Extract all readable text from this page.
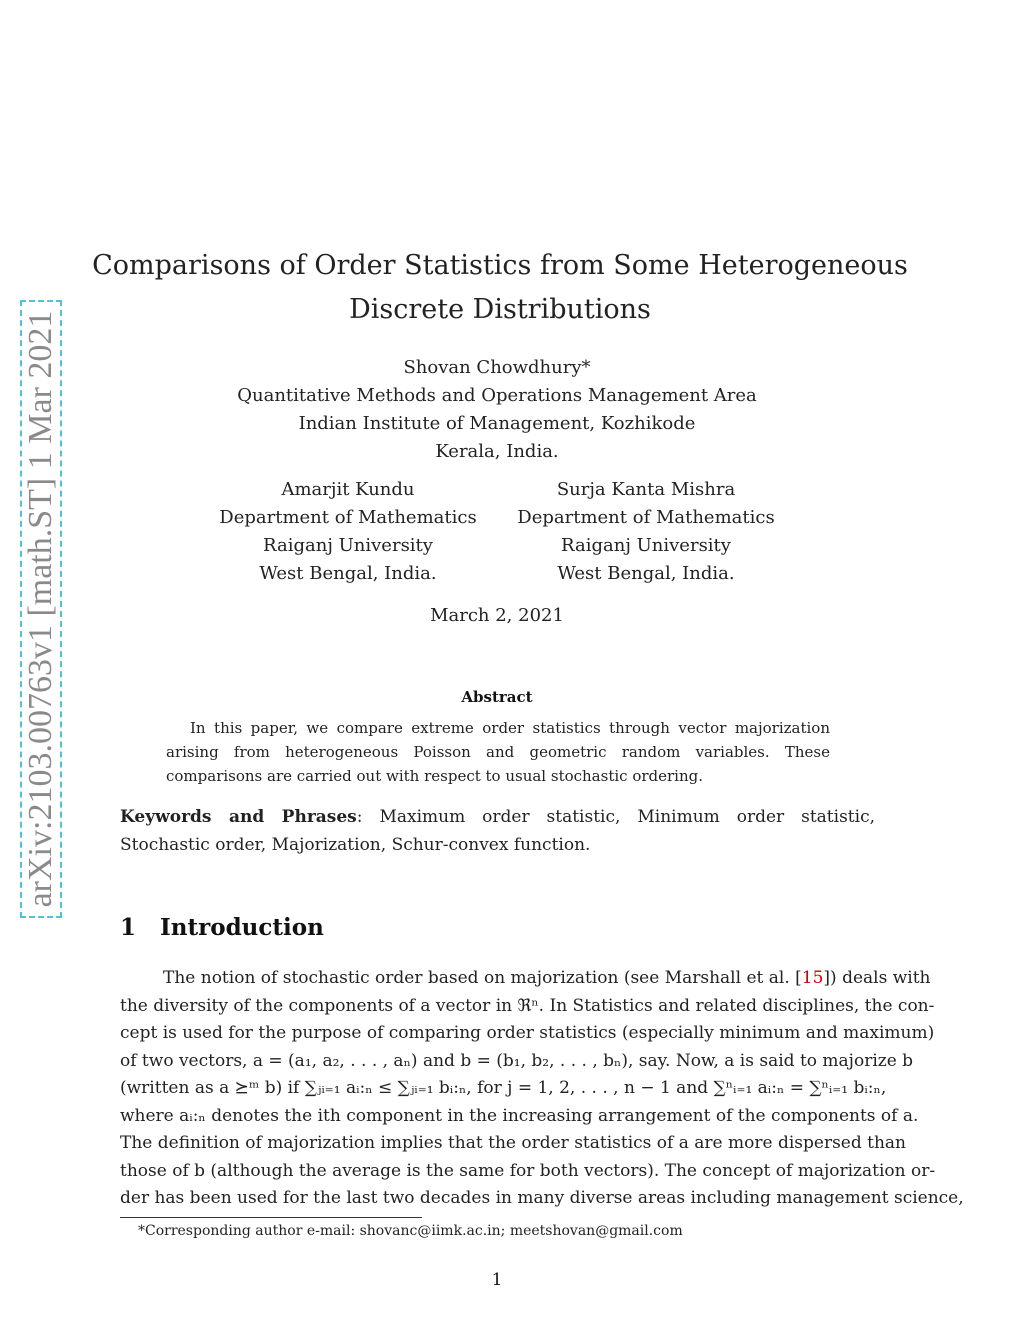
arXiv:2103.00763v1 [math.ST] 1 Mar 2021
Comparisons of Order Statistics from Some Heterogeneous
Discrete Distributions
Shovan Chowdhury*
Quantitative Methods and Operations Management Area
Indian Institute of Management, Kozhikode
Kerala, India.
Amarjit Kundu
Department of Mathematics
Raiganj University
West Bengal, India.
Surja Kanta Mishra
Department of Mathematics
Raiganj University
West Bengal, India.
March 2, 2021
Abstract
In this paper, we compare extreme order statistics through vector majorization arising from heterogeneous Poisson and geometric random variables. These comparisons are carried out with respect to usual stochastic ordering.
Keywords and Phrases: Maximum order statistic, Minimum order statistic, Stochastic order, Majorization, Schur-convex function.
1 Introduction
The notion of stochastic order based on majorization (see Marshall et al. [15]) deals with
the diversity of the components of a vector in ℜⁿ. In Statistics and related disciplines, the con-
cept is used for the purpose of comparing order statistics (especially minimum and maximum)
of two vectors, a = (a₁, a₂, . . . , aₙ) and b = (b₁, b₂, . . . , bₙ), say. Now, a is said to majorize b
(written as a ⪰ᵐ b) if ∑ⱼᵢ₌₁ aᵢ:ₙ ≤ ∑ⱼᵢ₌₁ bᵢ:ₙ, for j = 1, 2, . . . , n − 1 and ∑ⁿᵢ₌₁ aᵢ:ₙ = ∑ⁿᵢ₌₁ bᵢ:ₙ,
where aᵢ:ₙ denotes the ith component in the increasing arrangement of the components of a.
The definition of majorization implies that the order statistics of a are more dispersed than
those of b (although the average is the same for both vectors). The concept of majorization or-
der has been used for the last two decades in many diverse areas including management science,
*Corresponding author e-mail: shovanc@iimk.ac.in; meetshovan@gmail.com
1
